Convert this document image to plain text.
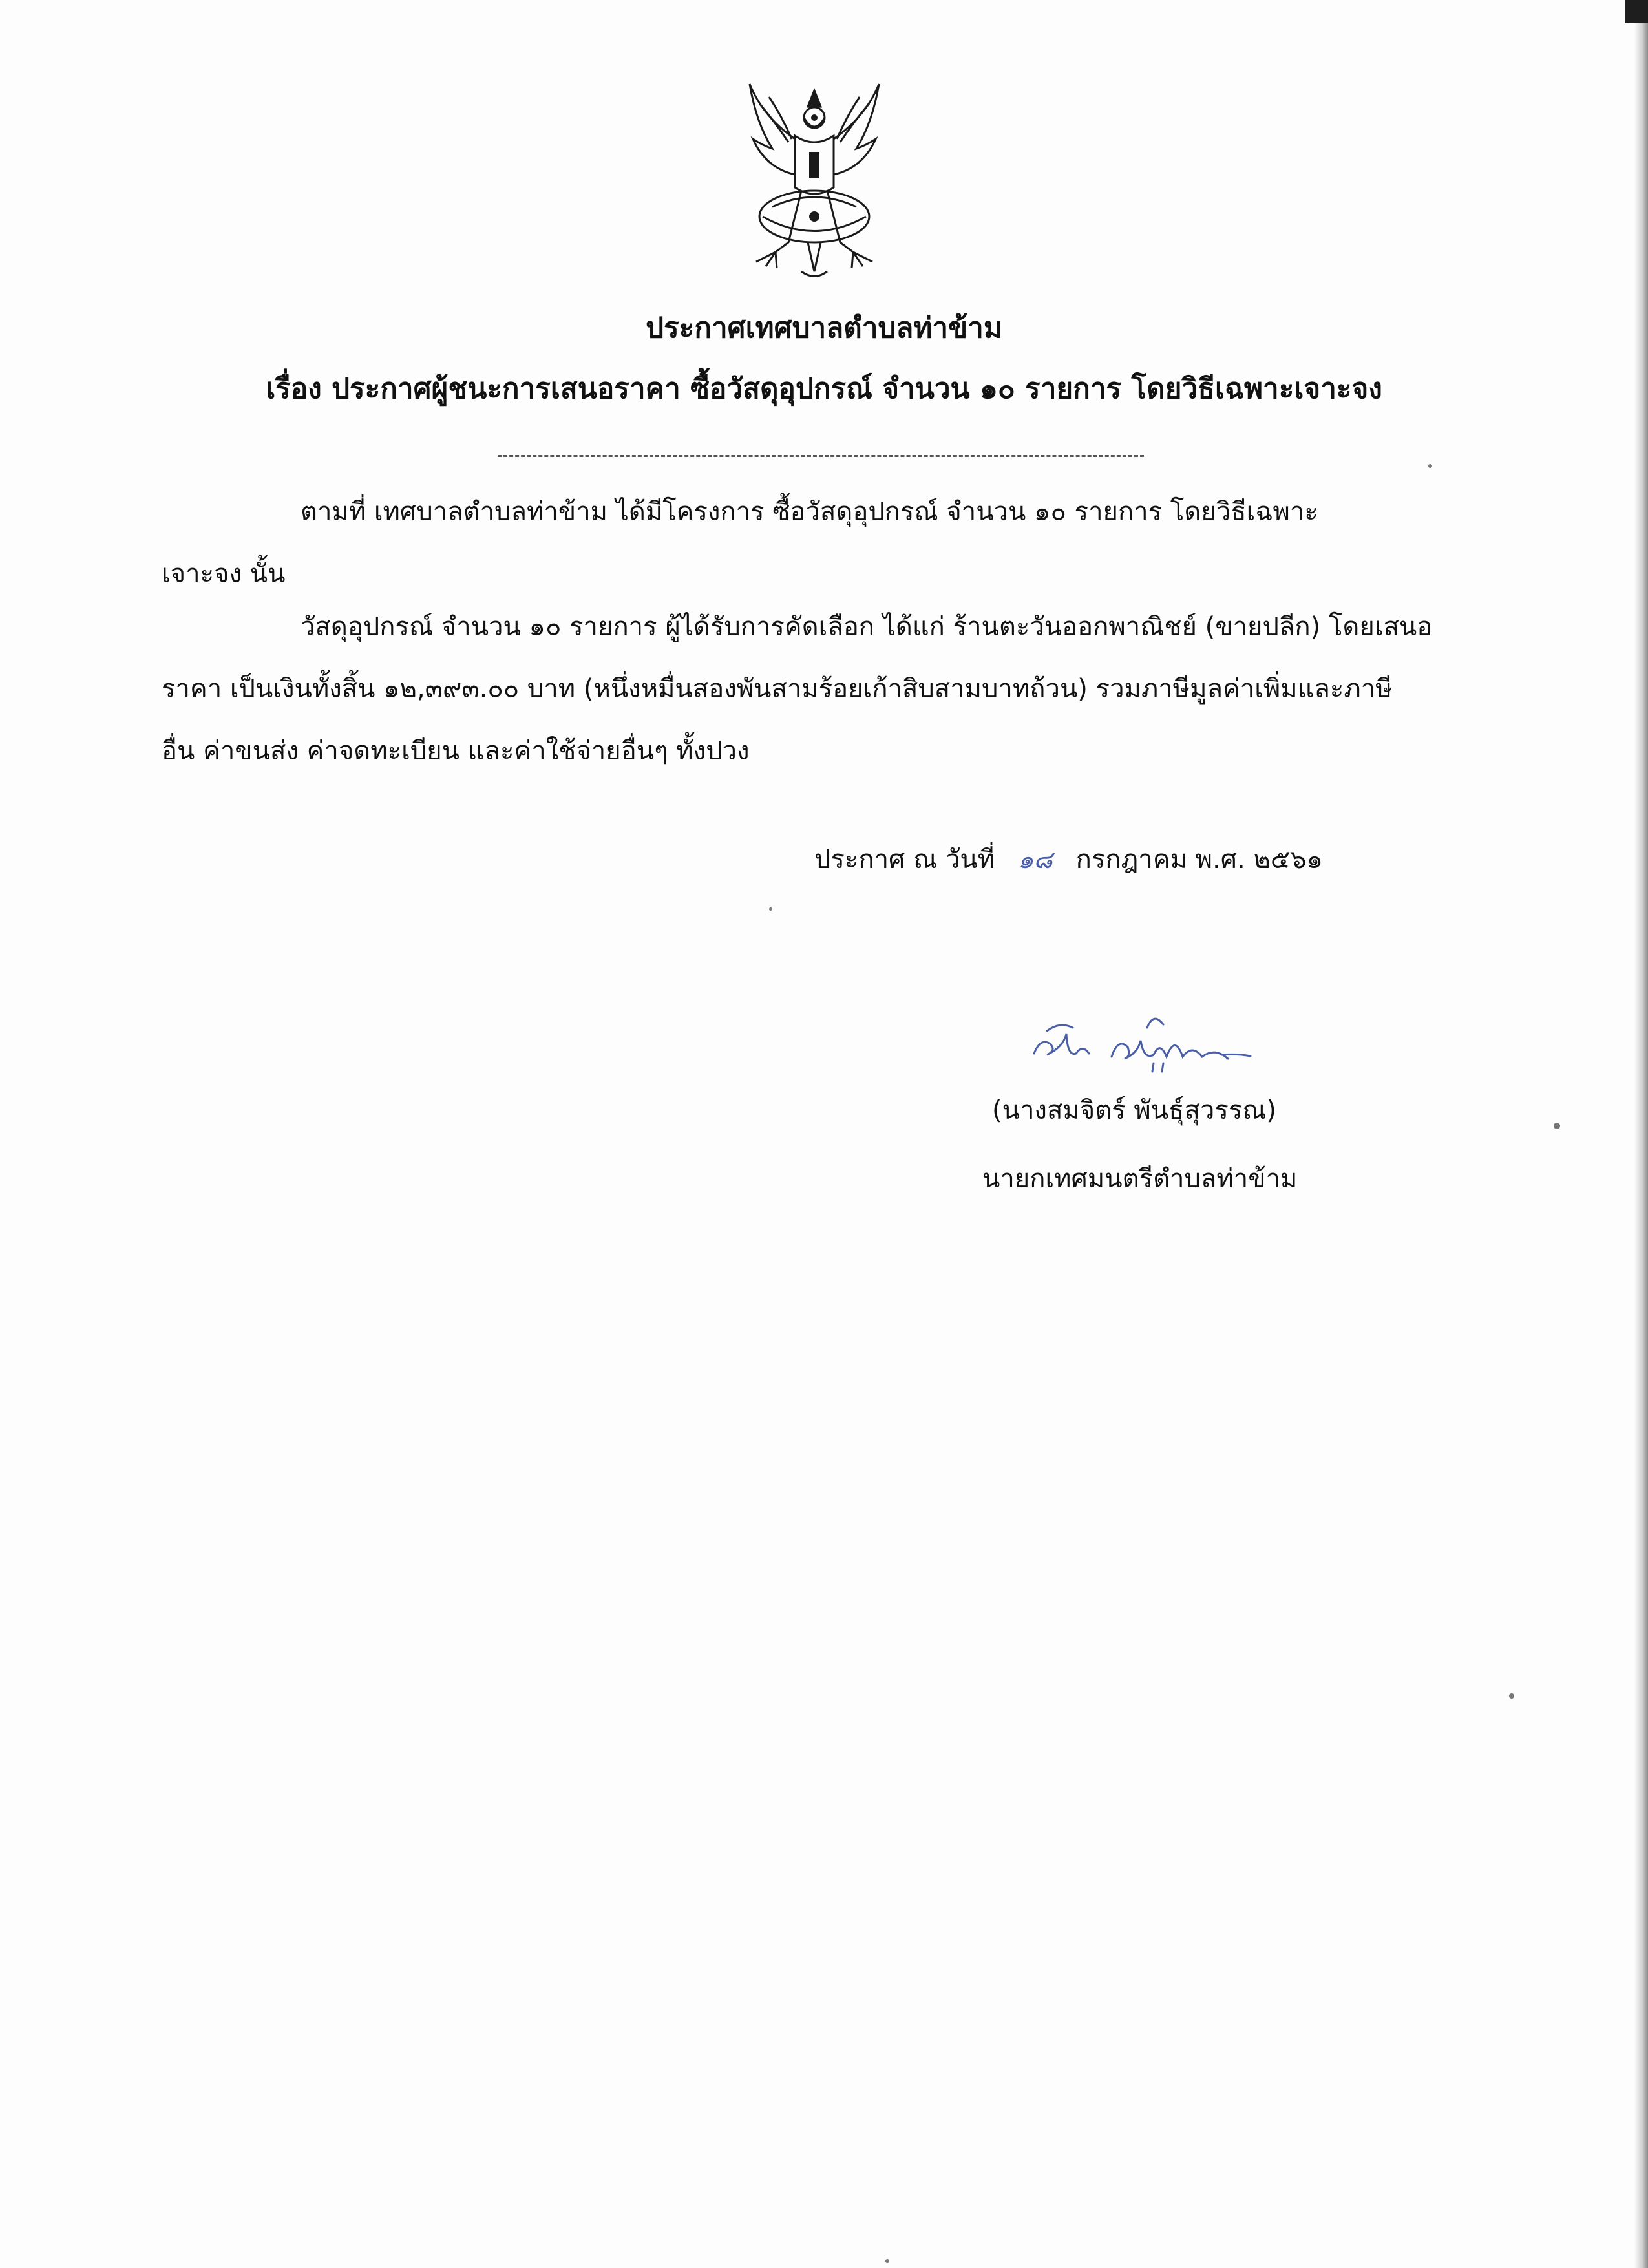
ประกาศเทศบาลตำบลท่าข้าม
เรื่อง ประกาศผู้ชนะการเสนอราคา ซื้อวัสดุอุปกรณ์ จำนวน ๑๐ รายการ โดยวิธีเฉพาะเจาะจง
ตามที่ เทศบาลตำบลท่าข้าม ได้มีโครงการ ซื้อวัสดุอุปกรณ์ จำนวน ๑๐ รายการ โดยวิธีเฉพาะ
เจาะจง นั้น
วัสดุอุปกรณ์ จำนวน ๑๐ รายการ ผู้ได้รับการคัดเลือก ได้แก่ ร้านตะวันออกพาณิชย์ (ขายปลีก) โดยเสนอ
ราคา เป็นเงินทั้งสิ้น ๑๒,๓๙๓.๐๐ บาท (หนึ่งหมื่นสองพันสามร้อยเก้าสิบสามบาทถ้วน) รวมภาษีมูลค่าเพิ่มและภาษี
อื่น ค่าขนส่ง ค่าจดทะเบียน และค่าใช้จ่ายอื่นๆ ทั้งปวง
ประกาศ ณ วันที่ ๑๘ กรกฎาคม พ.ศ. ๒๕๖๑
(นางสมจิตร์ พันธุ์สุวรรณ)
นายกเทศมนตรีตำบลท่าข้าม
